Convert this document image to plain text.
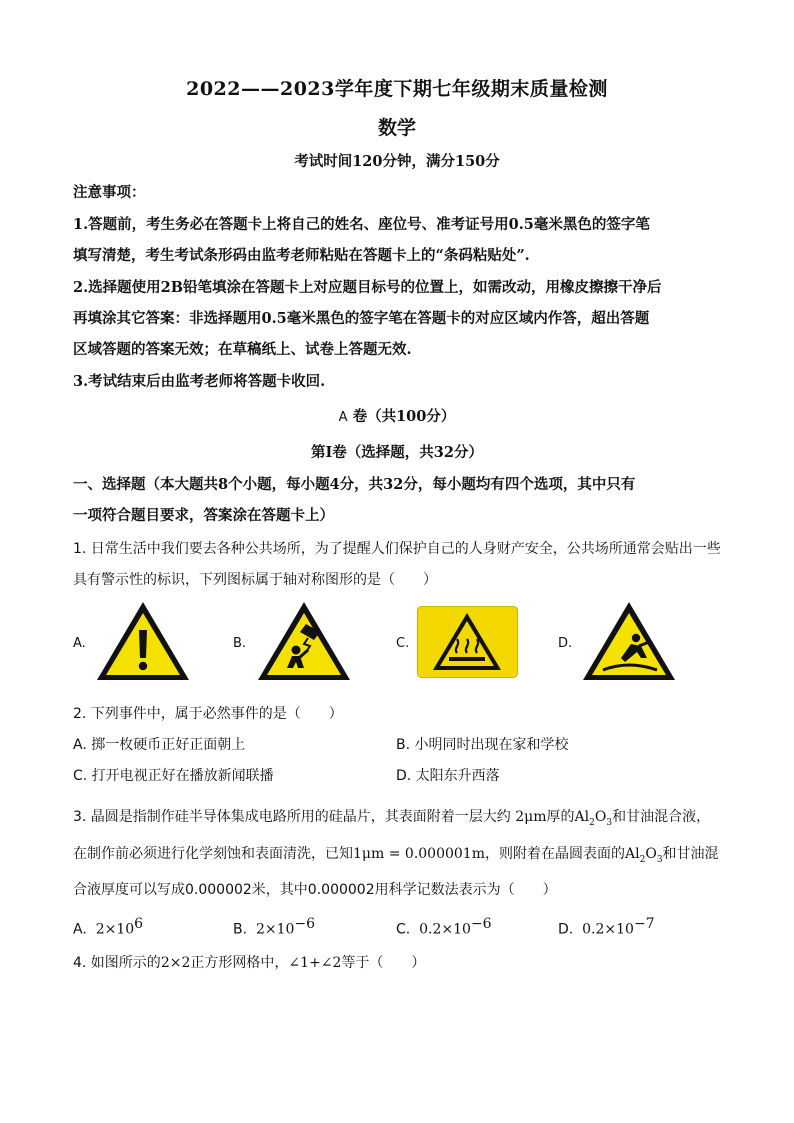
2022——2023学年度下期七年级期末质量检测
数学
考试时间120分钟，满分150分
注意事项：
1.答题前，考生务必在答题卡上将自己的姓名、座位号、准考证号用0.5毫米黑色的签字笔
填写清楚，考生考试条形码由监考老师粘贴在答题卡上的“条码粘贴处”.
2.选择题使用2B铅笔填涂在答题卡上对应题目标号的位置上，如需改动，用橡皮擦擦干净后
再填涂其它答案：非选择题用0.5毫米黑色的签字笔在答题卡的对应区域内作答，超出答题
区域答题的答案无效；在草稿纸上、试卷上答题无效.
3.考试结束后由监考老师将答题卡收回.
A 卷（共100分）
第I卷（选择题，共32分）
一、选择题（本大题共8个小题，每小题4分，共32分，每小题均有四个选项，其中只有
一项符合题目要求，答案涂在答题卡上）
1. 日常生活中我们要去各种公共场所，为了提醒人们保护自己的人身财产安全，公共场所通常会贴出一些
具有警示性的标识，下列图标属于轴对称图形的是（　　）
A.	B.	C.	D.
2. 下列事件中，属于必然事件的是（　　）
A. 掷一枚硬币正好正面朝上	B. 小明同时出现在家和学校
C. 打开电视正好在播放新闻联播	D. 太阳东升西落
3. 晶圆是指制作硅半导体集成电路所用的硅晶片，其表面附着一层大约 2μm厚的$Al_2O_3$和甘油混合液，
在制作前必须进行化学刻蚀和表面清洗，已知1μm = 0.000001m，则附着在晶圆表面的$Al_2O_3$和甘油混
合液厚度可以写成0.000002米，其中0.000002用科学记数法表示为（　　）
A. $2\times 10^6$	B. $2\times 10^{-6}$	C. $0.2\times 10^{-6}$	D. $0.2\times 10^{-7}$
4. 如图所示的2×2正方形网格中，∠1+∠2等于（　　）
